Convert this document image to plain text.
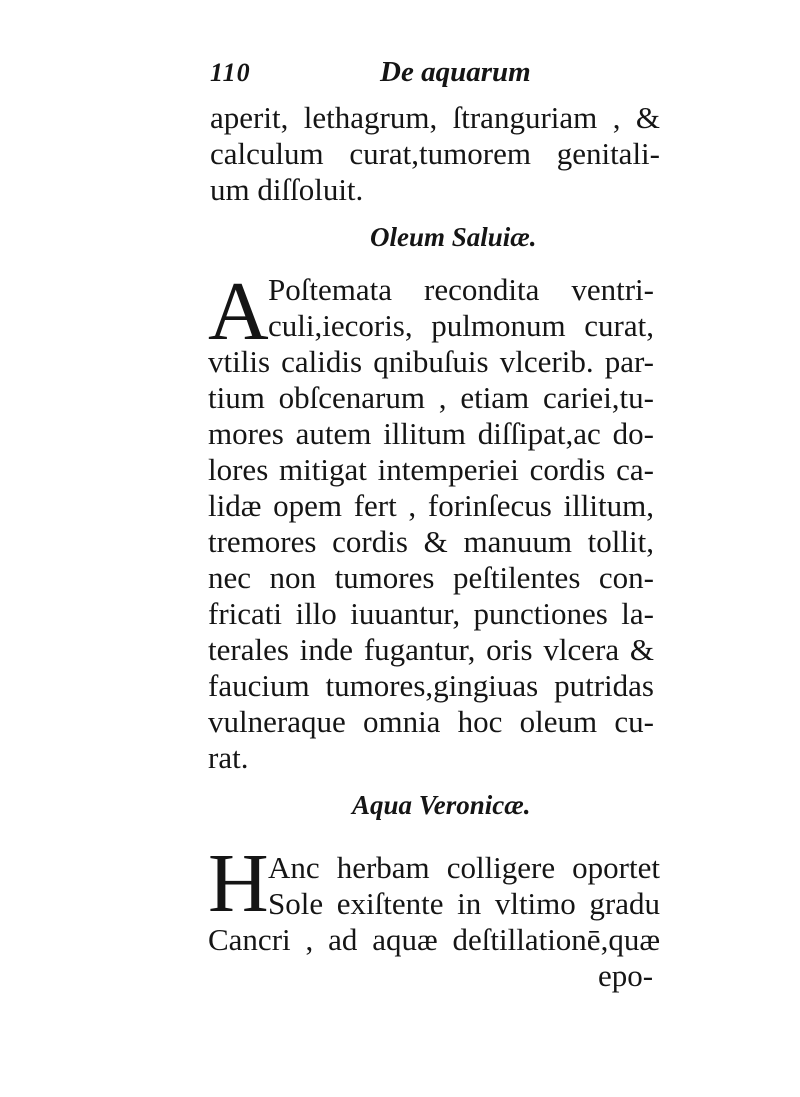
110	De aquarum
aperit, lethagrum, ſtranguriam , &
calculum curat,tumorem genitali-
um diſſoluit.
Oleum Saluiæ.
A Poſtemata recondita ventri-
culi,iecoris, pulmonum curat,
vtilis calidis qnibuſuis vlcerib. par-
tium obſcenarum , etiam cariei,tu-
mores autem illitum diſſipat,ac do-
lores mitigat intemperiei cordis ca-
lidæ opem fert , forinſecus illitum,
tremores cordis & manuum tollit,
nec non tumores peſtilentes con-
fricati illo iuuantur, punctiones la-
terales inde fugantur, oris vlcera &
faucium tumores,gingiuas putridas
vulneraque omnia hoc oleum cu-
rat.
Aqua Veronicæ.
H Anc herbam colligere oportet
Sole exiſtente in vltimo gradu
Cancri , ad aquæ deſtillationē,quæ
epo-
